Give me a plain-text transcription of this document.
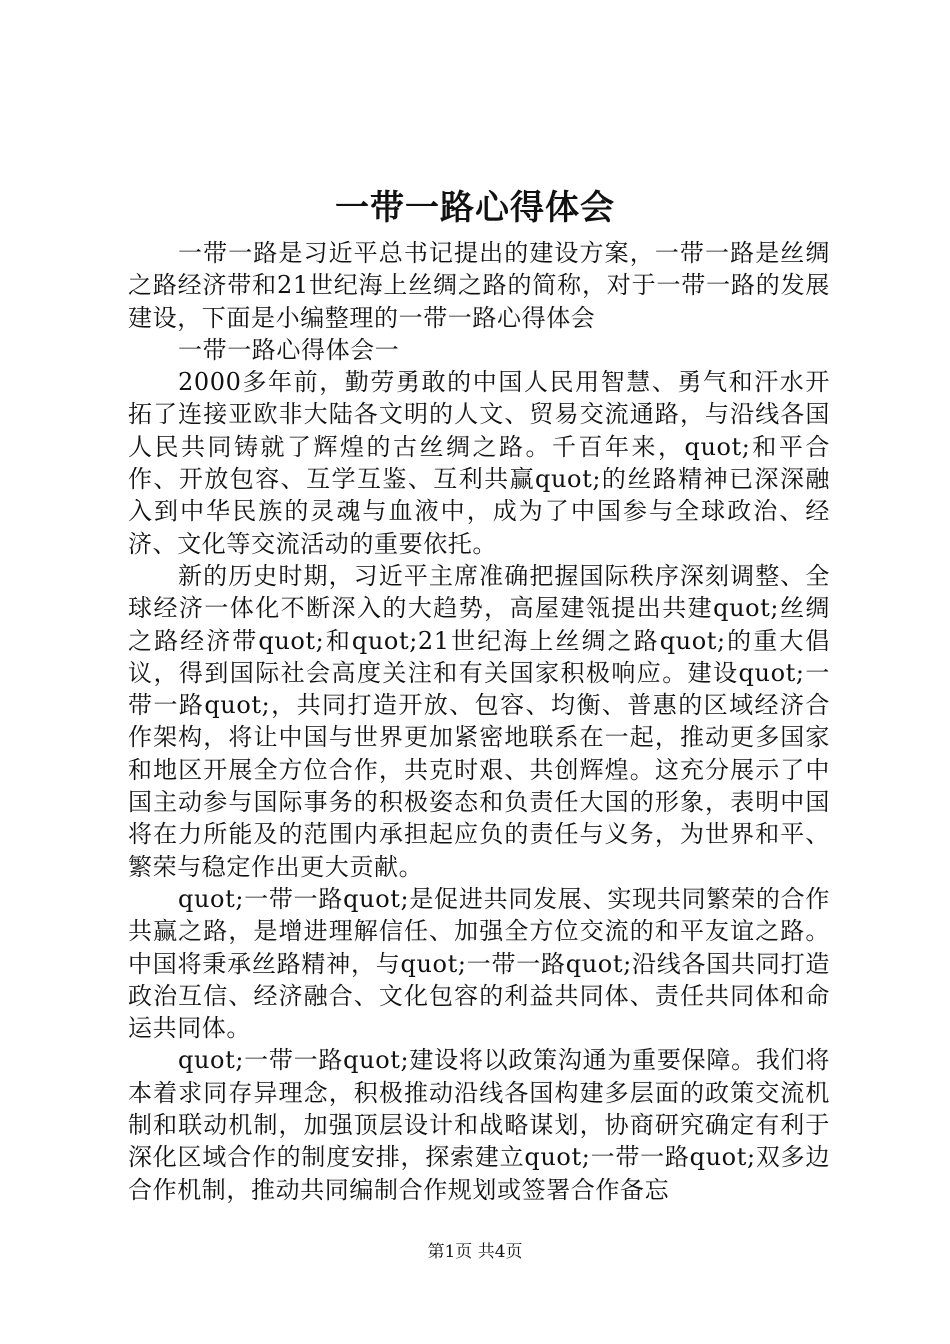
一带一路心得体会

一带一路是习近平总书记提出的建设方案，一带一路是丝绸之路经济带和21世纪海上丝绸之路的简称，对于一带一路的发展建设，下面是小编整理的一带一路心得体会

一带一路心得体会一

2000多年前，勤劳勇敢的中国人民用智慧、勇气和汗水开拓了连接亚欧非大陆各文明的人文、贸易交流通路，与沿线各国人民共同铸就了辉煌的古丝绸之路。千百年来，quot;和平合作、开放包容、互学互鉴、互利共赢quot;的丝路精神已深深融入到中华民族的灵魂与血液中，成为了中国参与全球政治、经济、文化等交流活动的重要依托。

新的历史时期，习近平主席准确把握国际秩序深刻调整、全球经济一体化不断深入的大趋势，高屋建瓴提出共建quot;丝绸之路经济带quot;和quot;21世纪海上丝绸之路quot;的重大倡议，得到国际社会高度关注和有关国家积极响应。建设quot;一带一路quot;，共同打造开放、包容、均衡、普惠的区域经济合作架构，将让中国与世界更加紧密地联系在一起，推动更多国家和地区开展全方位合作，共克时艰、共创辉煌。这充分展示了中国主动参与国际事务的积极姿态和负责任大国的形象，表明中国将在力所能及的范围内承担起应负的责任与义务，为世界和平、繁荣与稳定作出更大贡献。

quot;一带一路quot;是促进共同发展、实现共同繁荣的合作共赢之路，是增进理解信任、加强全方位交流的和平友谊之路。中国将秉承丝路精神，与quot;一带一路quot;沿线各国共同打造政治互信、经济融合、文化包容的利益共同体、责任共同体和命运共同体。

quot;一带一路quot;建设将以政策沟通为重要保障。我们将本着求同存异理念，积极推动沿线各国构建多层面的政策交流机制和联动机制，加强顶层设计和战略谋划，协商研究确定有利于深化区域合作的制度安排，探索建立quot;一带一路quot;双多边合作机制，推动共同编制合作规划或签署合作备忘

第1页 共4页
